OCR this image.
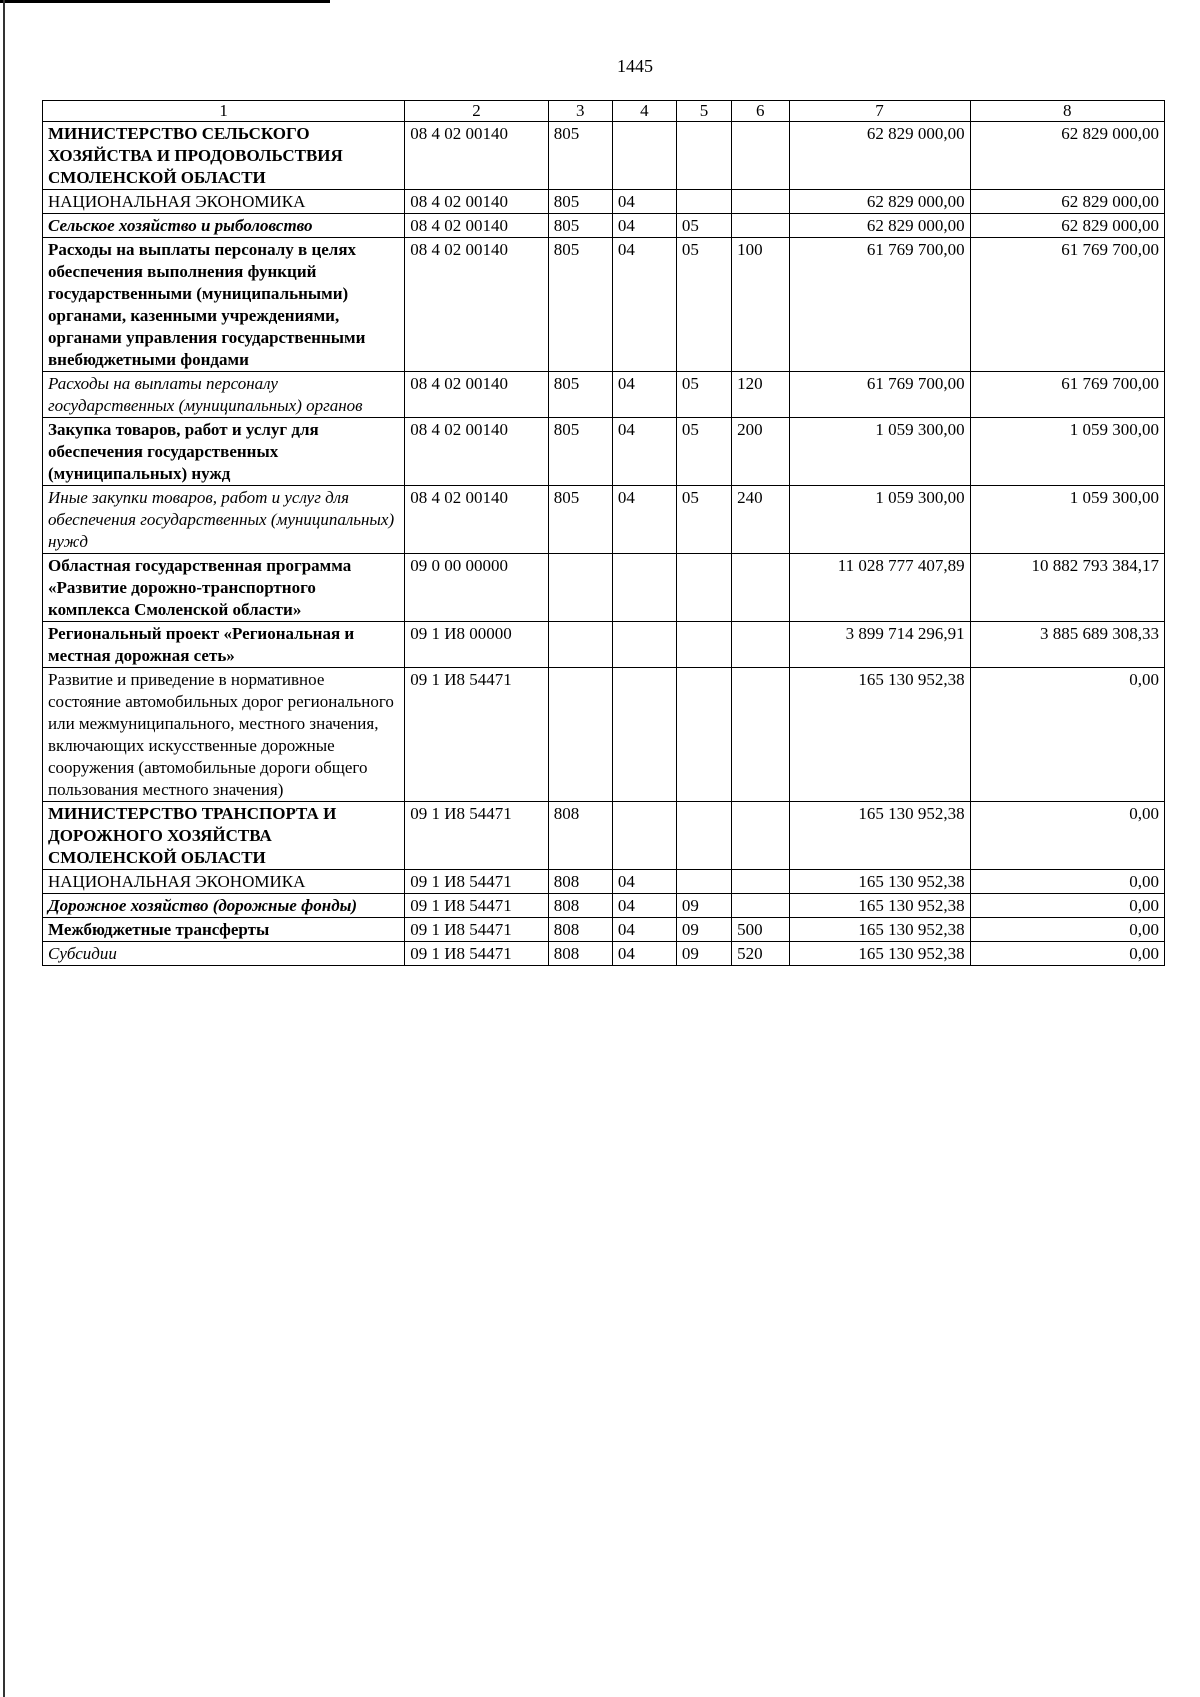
1445
1	2	3	4	5	6	7	8
МИНИСТЕРСТВО СЕЛЬСКОГО ХОЗЯЙСТВА И ПРОДОВОЛЬСТВИЯ СМОЛЕНСКОЙ ОБЛАСТИ	08 4 02 00140	805				62 829 000,00	62 829 000,00
НАЦИОНАЛЬНАЯ ЭКОНОМИКА	08 4 02 00140	805	04			62 829 000,00	62 829 000,00
Сельское хозяйство и рыболовство	08 4 02 00140	805	04	05		62 829 000,00	62 829 000,00
Расходы на выплаты персоналу в целях обеспечения выполнения функций государственными (муниципальными) органами, казенными учреждениями, органами управления государственными внебюджетными фондами	08 4 02 00140	805	04	05	100	61 769 700,00	61 769 700,00
Расходы на выплаты персоналу государственных (муниципальных) органов	08 4 02 00140	805	04	05	120	61 769 700,00	61 769 700,00
Закупка товаров, работ и услуг для обеспечения государственных (муниципальных) нужд	08 4 02 00140	805	04	05	200	1 059 300,00	1 059 300,00
Иные закупки товаров, работ и услуг для обеспечения государственных (муниципальных) нужд	08 4 02 00140	805	04	05	240	1 059 300,00	1 059 300,00
Областная государственная программа «Развитие дорожно-транспортного комплекса Смоленской области»	09 0 00 00000					11 028 777 407,89	10 882 793 384,17
Региональный проект «Региональная и местная дорожная сеть»	09 1 И8 00000					3 899 714 296,91	3 885 689 308,33
Развитие и приведение в нормативное состояние автомобильных дорог регионального или межмуниципального, местного значения, включающих искусственные дорожные сооружения (автомобильные дороги общего пользования местного значения)	09 1 И8 54471					165 130 952,38	0,00
МИНИСТЕРСТВО ТРАНСПОРТА И ДОРОЖНОГО ХОЗЯЙСТВА СМОЛЕНСКОЙ ОБЛАСТИ	09 1 И8 54471	808				165 130 952,38	0,00
НАЦИОНАЛЬНАЯ ЭКОНОМИКА	09 1 И8 54471	808	04			165 130 952,38	0,00
Дорожное хозяйство (дорожные фонды)	09 1 И8 54471	808	04	09		165 130 952,38	0,00
Межбюджетные трансферты	09 1 И8 54471	808	04	09	500	165 130 952,38	0,00
Субсидии	09 1 И8 54471	808	04	09	520	165 130 952,38	0,00
